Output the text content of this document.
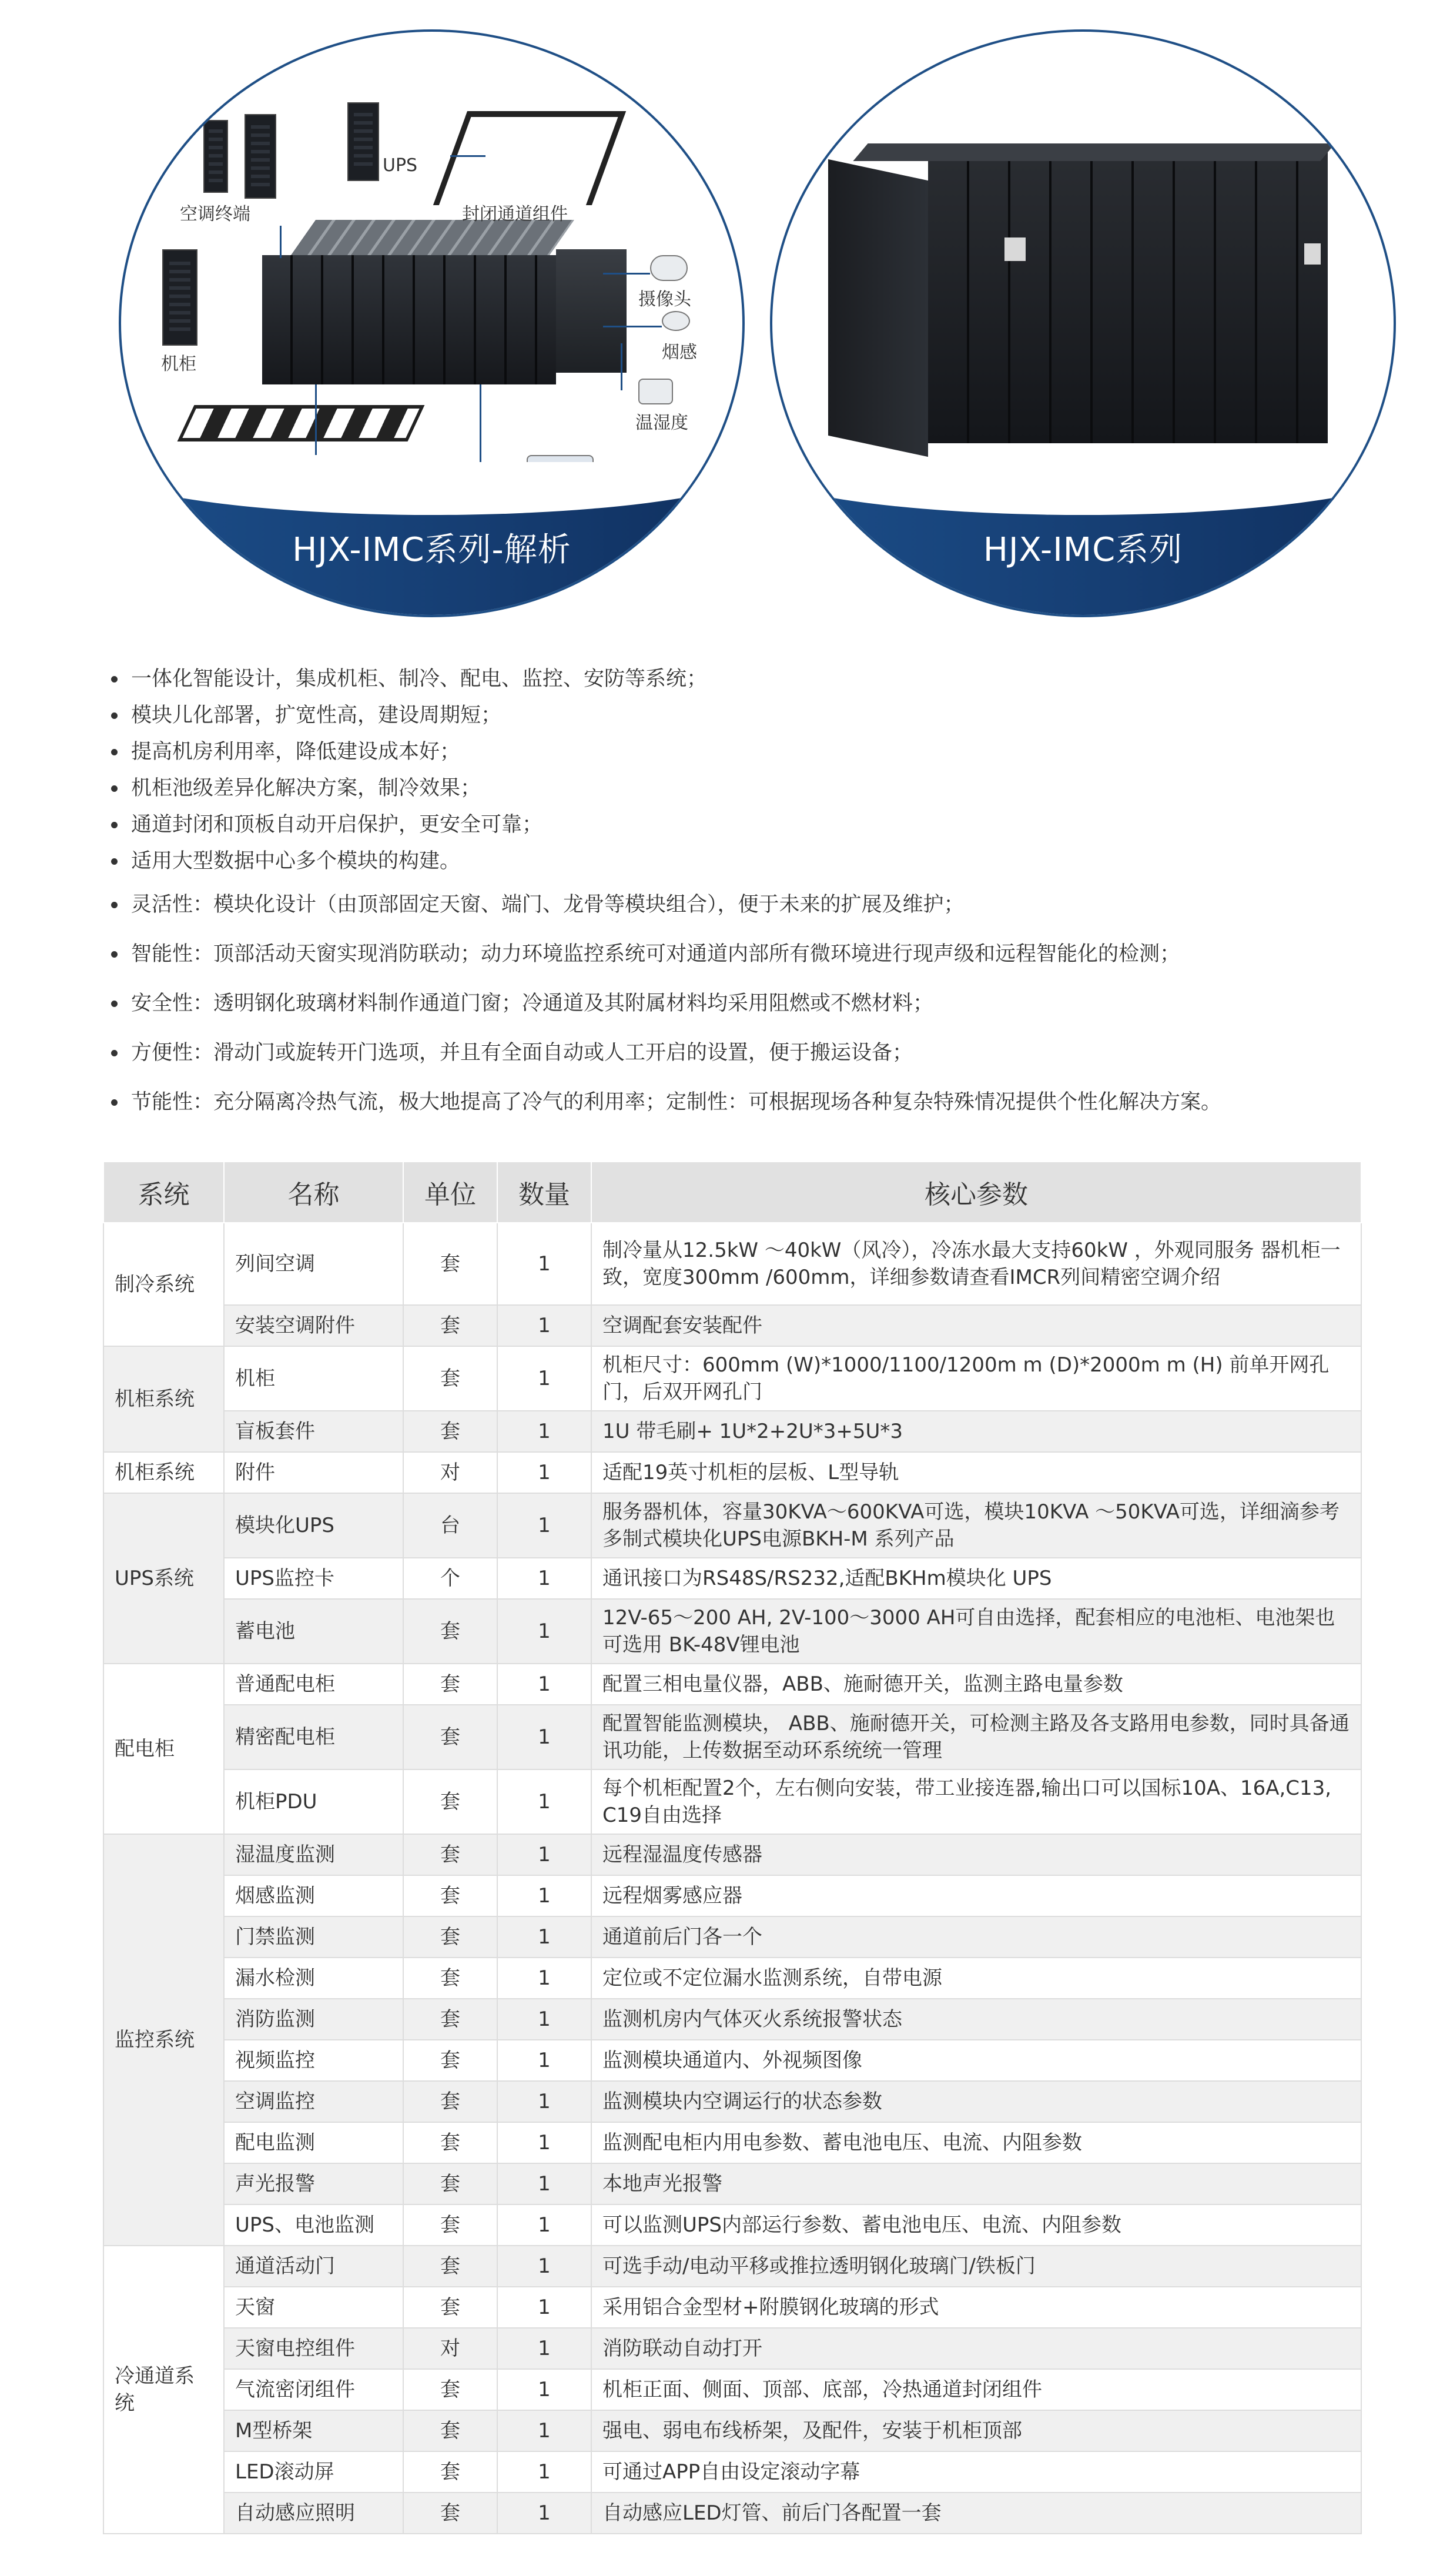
空调终端
UPS
封闭通道组件
摄像头
烟感
机柜
温湿度
HJX-IMC系列-解析	HJX-IMC系列
一体化智能设计，集成机柜、制冷、配电、监控、安防等系统；
模块儿化部署，扩宽性高，建设周期短；
提高机房利用率，降低建设成本好；
机柜池级差异化解决方案，制冷效果；
通道封闭和顶板自动开启保护，更安全可靠；
适用大型数据中心多个模块的构建。
灵活性：模块化设计（由顶部固定天窗、端门、龙骨等模块组合），便于未来的扩展及维护；
智能性：顶部活动天窗实现消防联动；动力环境监控系统可对通道内部所有微环境进行现声级和远程智能化的检测；
安全性：透明钢化玻璃材料制作通道门窗；冷通道及其附属材料均采用阻燃或不燃材料；
方便性：滑动门或旋转开门选项，并且有全面自动或人工开启的设置，便于搬运设备；
节能性：充分隔离冷热气流，极大地提高了冷气的利用率；定制性：可根据现场各种复杂特殊情况提供个性化解决方案。
系统	名称	单位	数量	核心参数
制冷系统	列间空调	套	1	制冷量从12.5kW ～40kW（风冷），冷冻水最大支持60kW ，外观同服务 器机柜一致，宽度300mm /600mm，详细参数请查看IMCR列间精密空调介绍
	安装空调附件	套	1	空调配套安装配件
机柜系统	机柜	套	1	机柜尺寸：600mm (W)*1000/1100/1200m m (D)*2000m m (H) 前单开网孔门，后双开网孔门
	盲板套件	套	1	1U 带毛刷+ 1U*2+2U*3+5U*3
机柜系统	附件	对	1	适配19英寸机柜的层板、L型导轨
UPS系统	模块化UPS	台	1	服务器机体，容量30KVA～600KVA可选，模块10KVA ～50KVA可选，详细滴参考多制式模块化UPS电源BKH-M 系列产品
	UPS监控卡	个	1	通讯接口为RS48S/RS232,适配BKHm模块化 UPS
	蓄电池	套	1	12V-65～200 AH, 2V-100～3000 AH可自由选择，配套相应的电池柜、电池架也可选用 BK-48V锂电池
配电柜	普通配电柜	套	1	配置三相电量仪器，ABB、施耐德开关，监测主路电量参数
	精密配电柜	套	1	配置智能监测模块， ABB、施耐德开关，可检测主路及各支路用电参数，同时具备通讯功能，上传数据至动环系统统一管理
	机柜PDU	套	1	每个机柜配置2个，左右侧向安装，带工业接连器,输出口可以国标10A、16A,C13, C19自由选择
监控系统	湿温度监测	套	1	远程湿温度传感器
	烟感监测	套	1	远程烟雾感应器
	门禁监测	套	1	通道前后门各一个
	漏水检测	套	1	定位或不定位漏水监测系统，自带电源
	消防监测	套	1	监测机房内气体灭火系统报警状态
	视频监控	套	1	监测模块通道内、外视频图像
	空调监控	套	1	监测模块内空调运行的状态参数
	配电监测	套	1	监测配电柜内用电参数、蓄电池电压、电流、内阻参数
	声光报警	套	1	本地声光报警
	UPS、电池监测	套	1	可以监测UPS内部运行参数、蓄电池电压、电流、内阻参数
冷通道系统	通道活动门	套	1	可选手动/电动平移或推拉透明钢化玻璃门/铁板门
	天窗	套	1	采用铝合金型材+附膜钢化玻璃的形式
	天窗电控组件	对	1	消防联动自动打开
	气流密闭组件	套	1	机柜正面、侧面、顶部、底部，冷热通道封闭组件
	M型桥架	套	1	强电、弱电布线桥架，及配件，安装于机柜顶部
	LED滚动屏	套	1	可通过APP自由设定滚动字幕
	自动感应照明	套	1	自动感应LED灯管、前后门各配置一套
